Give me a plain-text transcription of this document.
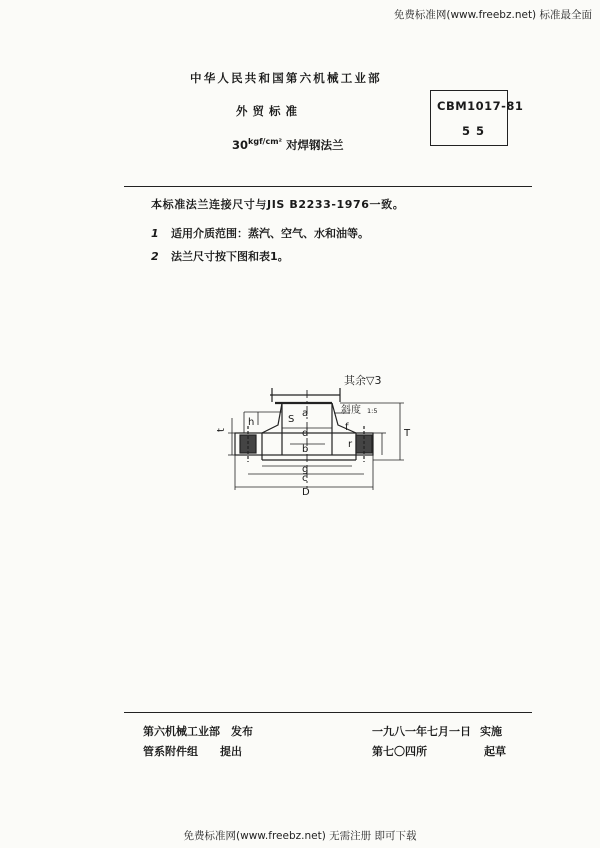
免费标准网(www.freebz.net) 标准最全面
中华人民共和国第六机械工业部
外贸标准
$30^{kgf/cm^2}$ 对焊钢法兰
CBM1017-81
55
本标准法兰连接尺寸与JIS B2233-1976一致。
1 适用介质范围：蒸汽、空气、水和油等。
2 法兰尺寸按下图和表1。
其余▽3
斜度 1:5
a
d
b
g
c
D
S
h	f
r
T
t
第六机械工业部　发布
管系附件组　　提出
一九八一年七月一日 实施
第七〇四所	起草
免费标准网(www.freebz.net) 无需注册 即可下载
